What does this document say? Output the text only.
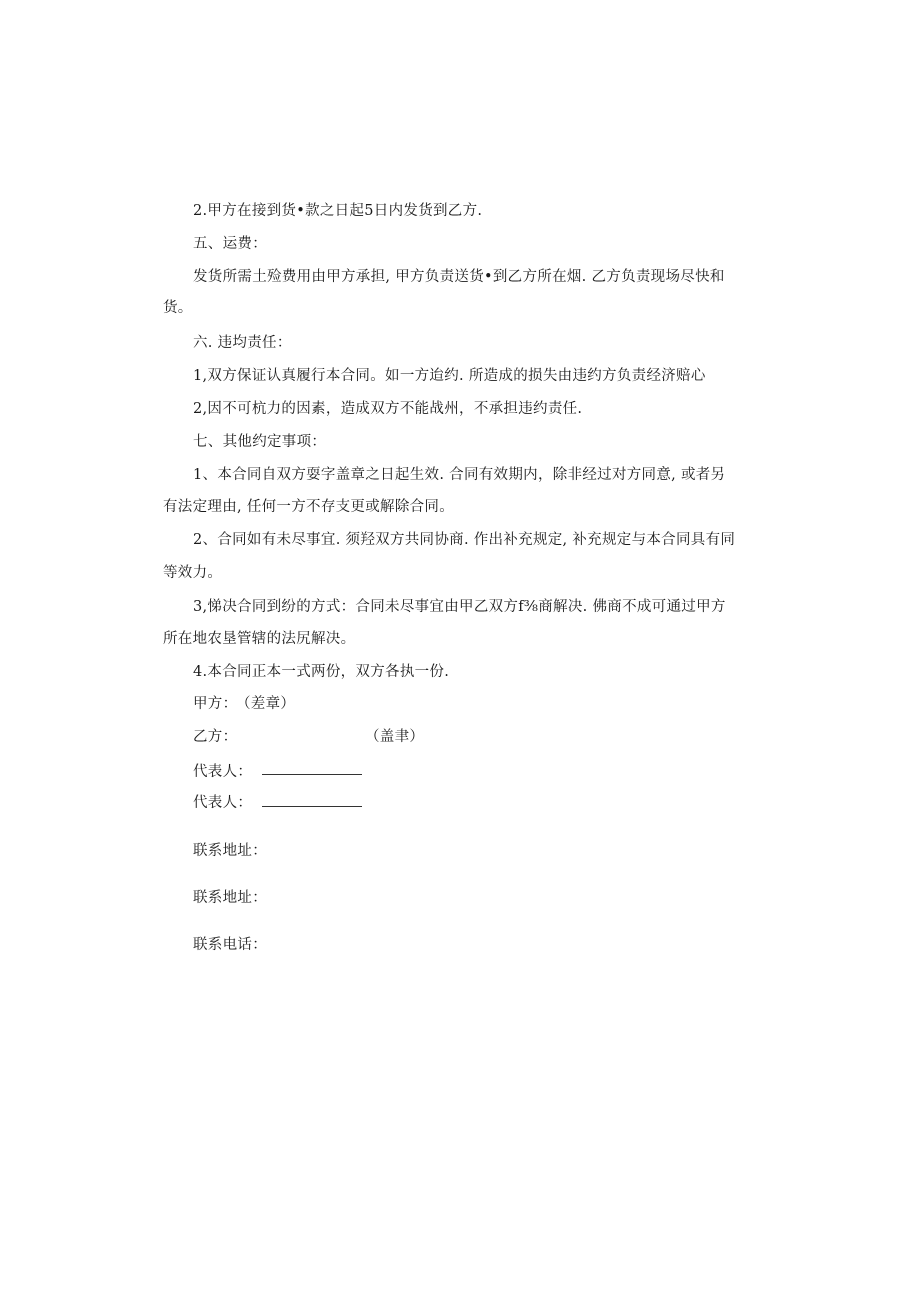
2.甲方在接到货•款之日起5日内发货到乙方.
五、运费：
发货所需土殓费用由甲方承担, 甲方负责送货•到乙方所在烟. 乙方负责现场尽快和
货。
六. 违均责任：
1,双方保证认真履行本合同。如一方迨约. 所造成的损失由违约方负责经济赔心
2,因不可杭力的因素，造成双方不能战州，不承担违约责任.
七、其他约定事项：
1、本合同自双方耍字盖章之日起生效. 合同有效期内，除非经过对方同意, 或者另
有法定理由, 任何一方不存支更或解除合同。
2、合同如有未尽事宜. 须羟双方共同协商. 作出补充规定, 补充规定与本合同具有同
等效力。
3,悌决合同到纷的方式：合同未尽事宜由甲乙双方f⅜商解决. 佛商不成可通过甲方
所在地农垦管辖的法尻解决。
4.本合同正本一式两份，双方各执一份.
甲方：
（差章）
乙方：	（盖聿）
代表人：
代表人：
联系地址：
联系地址：
联系电话：
